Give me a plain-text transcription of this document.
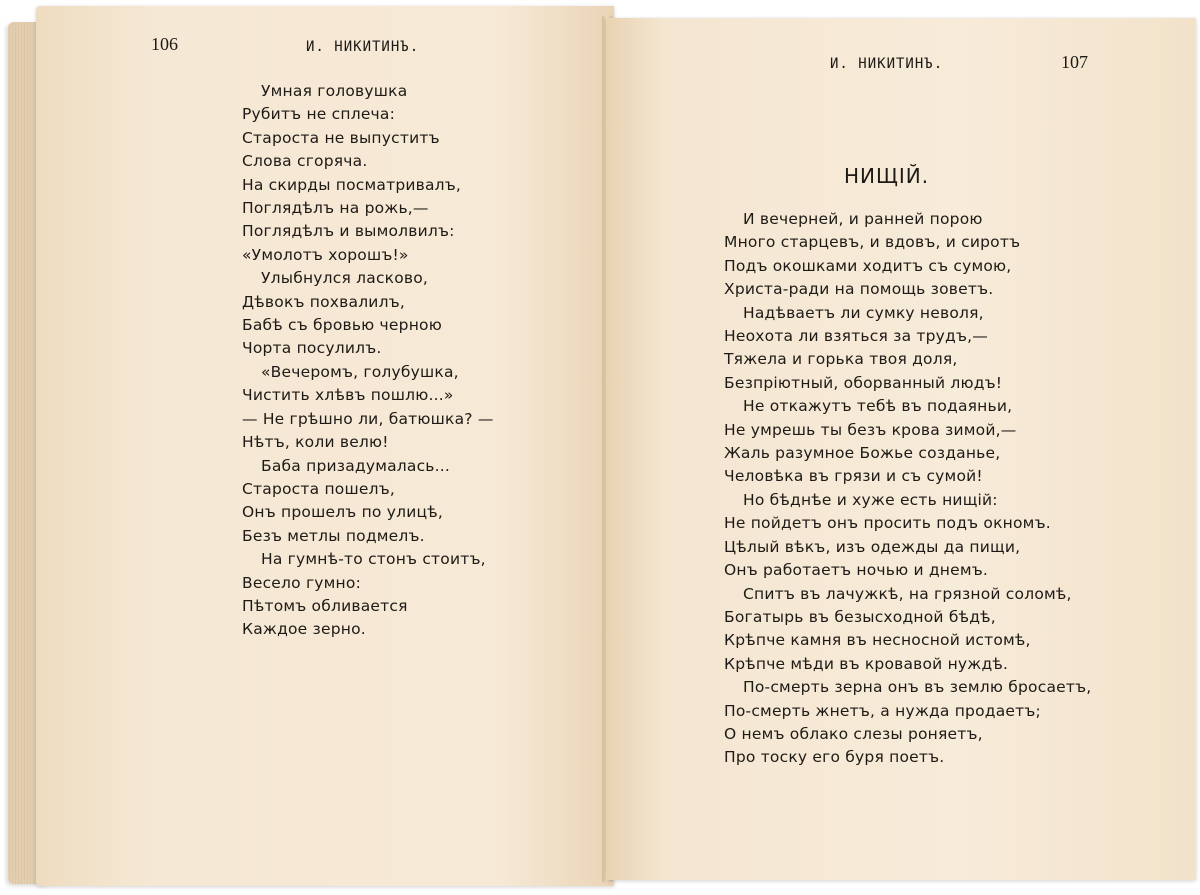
106	И. НИКИТИНЪ.
Умная головушка
Рубитъ не сплеча:
Староста не выпуститъ
Слова сгоряча.
На скирды посматривалъ,
Поглядѣлъ на рожь,—
Поглядѣлъ и вымолвилъ:
«Умолотъ хорошъ!»
Улыбнулся ласково,
Дѣвокъ похвалилъ,
Бабѣ съ бровью черною
Чорта посулилъ.
«Вечеромъ, голубушка,
Чистить хлѣвъ пошлю...»
— Не грѣшно ли, батюшка? —
Нѣтъ, коли велю!
Баба призадумалась...
Староста пошелъ,
Онъ прошелъ по улицѣ,
Безъ метлы подмелъ.
На гумнѣ-то стонъ стоитъ,
Весело гумно:
Пѣтомъ обливается
Каждое зерно.
И. НИКИТИНЪ.	107
НИЩІЙ.
И вечерней, и ранней порою
Много старцевъ, и вдовъ, и сиротъ
Подъ окошками ходитъ съ сумою,
Христа-ради на помощь зоветъ.
Надѣваетъ ли сумку неволя,
Неохота ли взяться за трудъ,—
Тяжела и горька твоя доля,
Безпріютный, оборванный людъ!
Не откажутъ тебѣ въ подаяньи,
Не умрешь ты безъ крова зимой,—
Жаль разумное Божье созданье,
Человѣка въ грязи и съ сумой!
Но бѣднѣе и хуже есть нищій:
Не пойдетъ онъ просить подъ окномъ.
Цѣлый вѣкъ, изъ одежды да пищи,
Онъ работаетъ ночью и днемъ.
Спитъ въ лачужкѣ, на грязной соломѣ,
Богатырь въ безысходной бѣдѣ,
Крѣпче камня въ несносной истомѣ,
Крѣпче мѣди въ кровавой нуждѣ.
По-смерть зерна онъ въ землю бросаетъ,
По-смерть жнетъ, а нужда продаетъ;
О немъ облако слезы роняетъ,
Про тоску его буря поетъ.
